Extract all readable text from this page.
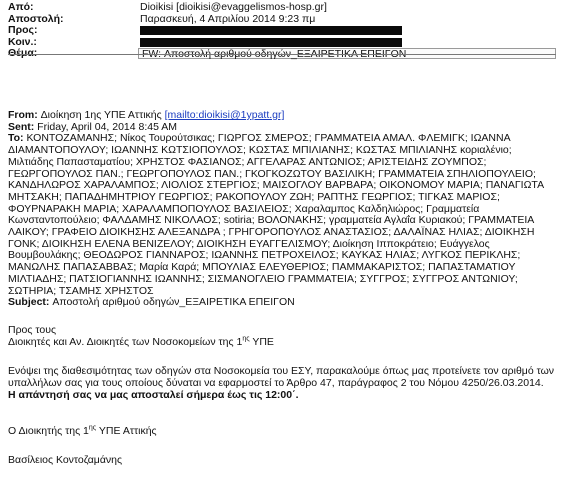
Από:	Dioikisi [dioikisi@evaggelismos-hosp.gr]
Αποστολή:	Παρασκευή, 4 Απριλίου 2014 9:23 πμ
Προς:
Κοιν.:
Θέμα:	FW: Αποστολή αριθμού οδηγών_ΕΞΑΙΡΕΤΙΚΑ ΕΠΕΙΓΟΝ

From: Διοίκηση 1ης ΥΠΕ Αττικής [mailto:dioikisi@1ypatt.gr]

Sent: Friday, April 04, 2014 8:45 AM

To: ΚΟΝΤΟΖΑΜΑΝΗΣ; Νίκος Τουρούτσικας; ΓΙΩΡΓΟΣ ΣΜΕΡΟΣ; ΓΡΑΜΜΑΤΕΙΑ ΑΜΑΛ. ΦΛΕΜΙΓΚ; ΙΩΑΝΝΑ ΔΙΑΜΑΝΤΟΠΟΥΛΟΥ; ΙΩΑΝΝΗΣ ΚΩΤΣΙΟΠΟΥΛΟΣ; ΚΩΣΤΑΣ ΜΠΙΛΙΑΝΗΣ; ΚΩΣΤΑΣ ΜΠΙΛΙΑΝΗΣ κοριαλένιο; Μιλτιάδης Παπασταματίου; ΧΡΗΣΤΟΣ ΦΑΣΙΑΝΟΣ; ΑΓΓΕΛΑΡΑΣ ΑΝΤΩΝΙΟΣ; ΑΡΙΣΤΕΙΔΗΣ ΖΟΥΜΠΟΣ; ΓΕΩΡΓΟΠΟΥΛΟΣ ΠΑΝ.; ΓΕΩΡΓΟΠΟΥΛΟΣ ΠΑΝ.; ΓΚΟΓΚΟΖΩΤΟΥ ΒΑΣΙΛΙΚΗ; ΓΡΑΜΜΑΤΕΙΑ ΣΠΗΛΙΟΠΟΥΛΕΙΟ; ΚΑΝΔΗΛΩΡΟΣ ΧΑΡΑΛΑΜΠΟΣ; ΛΙΟΛΙΟΣ ΣΤΕΡΓΙΟΣ; ΜΑΙΣΟΓΛΟΥ ΒΑΡΒΑΡΑ; ΟΙΚΟΝΟΜΟΥ ΜΑΡΙΑ; ΠΑΝΑΓΙΩΤΑ ΜΗΤΣΑΚΗ; ΠΑΠΑΔΗΜΗΤΡΙΟΥ ΓΕΩΡΓΙΟΣ; ΡΑΚΟΠΟΥΛΟΥ ΖΩΗ; ΡΑΠΤΗΣ ΓΕΩΡΓΙΟΣ; ΤΙΓΚΑΣ ΜΑΡΙΟΣ; ΦΟΥΡΝΑΡΑΚΗ ΜΑΡΙΑ; ΧΑΡΑΛΑΜΠΟΠΟΥΛΟΣ ΒΑΣΙΛΕΙΟΣ; Χαραλαμπος Καλδηλιώρος; Γραμματεία Κωνσταντοπούλειο; ΦΑΛΔΑΜΗΣ ΝΙΚΟΛΑΟΣ; sotiria; ΒΟΛΟΝΑΚΗΣ; γραμματεία Αγλαΐα Κυριακού; ΓΡΑΜΜΑΤΕΙΑ ΛΑΙΚΟΥ; ΓΡΑΦΕΙΟ ΔΙΟΙΚΗΣΗΣ ΑΛΕΞΑΝΔΡΑ ; ΓΡΗΓΟΡΟΠΟΥΛΟΣ ΑΝΑΣΤΑΣΙΟΣ; ΔΑΛΑΪΝΑΣ ΗΛΙΑΣ; ΔΙΟΙΚΗΣΗ ΓΟΝΚ; ΔΙΟΙΚΗΣΗ ΕΛΕΝΑ ΒΕΝΙΖΕΛΟΥ; ΔΙΟΙΚΗΣΗ ΕΥΑΓΓΕΛΙΣΜΟΥ; Διοίκηση Ιπποκράτειο; Ευάγγελος Βουμβουλάκης; ΘΕΟΔΩΡΟΣ ΓΙΑΝΝΑΡΟΣ; ΙΩΑΝΝΗΣ ΠΕΤΡΟΧΕΙΛΟΣ; ΚΑΥΚΑΣ ΗΛΙΑΣ; ΛΥΓΚΟΣ ΠΕΡΙΚΛΗΣ; ΜΑΝΩΛΗΣ ΠΑΠΑΣΑΒΒΑΣ; Μαρία Καρά; ΜΠΟΥΛΙΑΣ ΕΛΕΥΘΕΡΙΟΣ; ΠΑΜΜΑΚΑΡΙΣΤΟΣ; ΠΑΠΑΣΤΑΜΑΤΙΟΥ ΜΙΛΤΙΑΔΗΣ; ΠΑΤΣΙΟΓΙΑΝΝΗΣ ΙΩΑΝΝΗΣ; ΣΙΣΜΑΝΟΓΛΕΙΟ ΓΡΑΜΜΑΤΕΙΑ; ΣΥΓΓΡΟΣ; ΣΥΓΓΡΟΣ ΑΝΤΩΝΙΟΥ; ΣΩΤΗΡΙΑ; ΤΣΑΜΗΣ ΧΡΗΣΤΟΣ

Subject: Αποστολή αριθμού οδηγών_ΕΞΑΙΡΕΤΙΚΑ ΕΠΕΙΓΟΝ

Προς τους

Διοικητές και Αν. Διοικητές των Νοσοκομείων της $1^{\eta\varsigma}$ ΥΠΕ

Ενόψει της διαθεσιμότητας των οδηγών στα Νοσοκομεία του ΕΣΥ, παρακαλούμε όπως μας προτείνετε τον αριθμό των υπαλλήλων σας για τους οποίους δύναται να εφαρμοστεί το Άρθρο 47, παράγραφος 2 του Νόμου 4250/26.03.2014.

Η απάντησή σας να μας αποσταλεί σήμερα έως τις 12:00΄.

Ο Διοικητής της $1^{\eta\varsigma}$ ΥΠΕ Αττικής

Βασίλειος Κοντοζαμάνης
